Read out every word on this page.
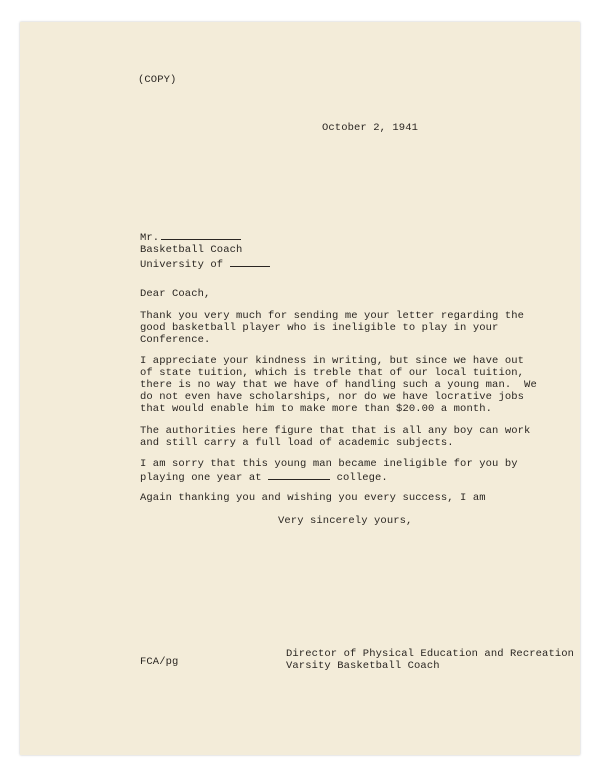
(COPY)
October 2, 1941
Mr.
Basketball Coach
University of
Dear Coach,
Thank you very much for sending me your letter regarding the
good basketball player who is ineligible to play in your
Conference.
I appreciate your kindness in writing, but since we have out
of state tuition, which is treble that of our local tuition,
there is no way that we have of handling such a young man.  We
do not even have scholarships, nor do we have locrative jobs
that would enable him to make more than $20.00 a month.
The authorities here figure that that is all any boy can work
and still carry a full load of academic subjects.
I am sorry that this young man became ineligible for you by
playing one year at	college.
Again thanking you and wishing you every success, I am
Very sincerely yours,
Director of Physical Education and Recreation
Varsity Basketball Coach
FCA/pg
